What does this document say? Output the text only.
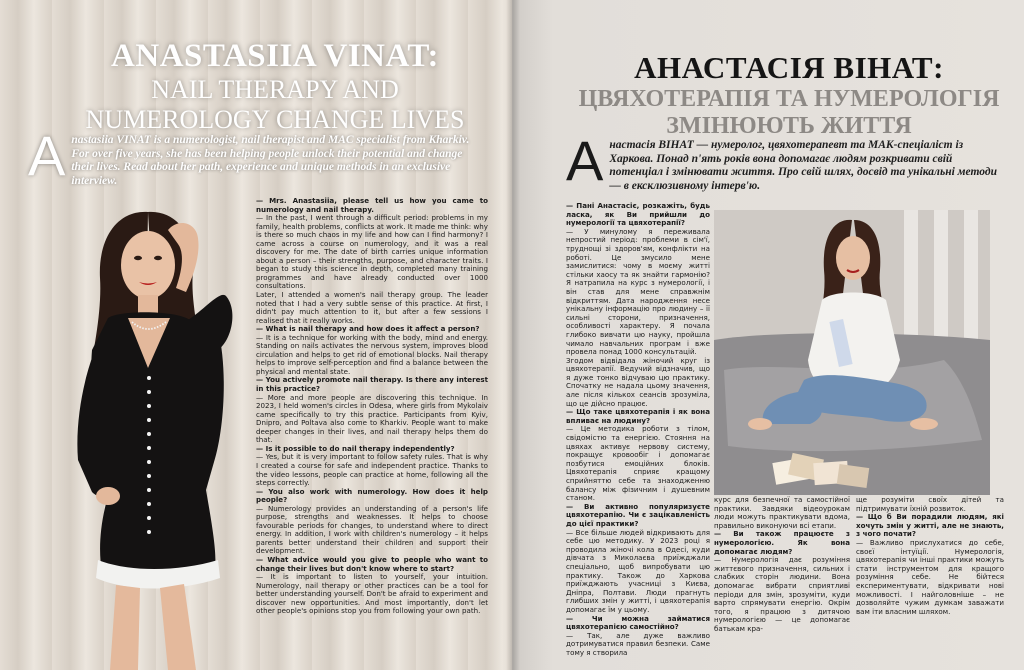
ANASTASIIA VINAT:
NAIL THERAPY AND
NUMEROLOGY CHANGE LIVES
A nastasiia VINAT is a numerologist, nail therapist and MAC specialist from Kharkiv. For over five years, she has been helping people unlock their potential and change their lives. Read about her path, experience and unique methods in an exclusive interview.

— Mrs. Anastasiia, please tell us how you came to numerology and nail therapy.

— In the past, I went through a difficult period: problems in my family, health problems, conflicts at work. It made me think: why is there so much chaos in my life and how can I find harmony? I came across a course on numerology, and it was a real discovery for me. The date of birth carries unique information about a person – their strengths, purpose, and character traits. I began to study this science in depth, completed many training programmes and have already conducted over 1000 consultations.

Later, I attended a women's nail therapy group. The leader noted that I had a very subtle sense of this practice. At first, I didn't pay much attention to it, but after a few sessions I realised that it really works.

— What is nail therapy and how does it affect a person?

— It is a technique for working with the body, mind and energy. Standing on nails activates the nervous system, improves blood circulation and helps to get rid of emotional blocks. Nail therapy helps to improve self-perception and find a balance between the physical and mental state.

— You actively promote nail therapy. Is there any interest in this practice?

— More and more people are discovering this technique. In 2023, I held women's circles in Odesa, where girls from Mykolaiv came specifically to try this practice. Participants from Kyiv, Dnipro, and Poltava also come to Kharkiv. People want to make deeper changes in their lives, and nail therapy helps them do that.

— Is it possible to do nail therapy independently?

— Yes, but it is very important to follow safety rules. That is why I created a course for safe and independent practice. Thanks to the video lessons, people can practice at home, following all the steps correctly.

— You also work with numerology. How does it help people?

— Numerology provides an understanding of a person's life purpose, strengths and weaknesses. It helps to choose favourable periods for changes, to understand where to direct energy. In addition, I work with children's numerology – it helps parents better understand their children and support their development.

— What advice would you give to people who want to change their lives but don't know where to start?

— It is important to listen to yourself, your intuition. Numerology, nail therapy or other practices can be a tool for better understanding yourself. Don't be afraid to experiment and discover new opportunities. And most importantly, don't let other people's opinions stop you from following your own path.

АНАСТАСІЯ ВІНАТ:
ЦВЯХОТЕРАПІЯ ТА НУМЕРОЛОГІЯ
ЗМІНЮЮТЬ ЖИТТЯ
А настасія ВІНАТ — нумеролог, цвяхотерапевт та МАК-спеціаліст із Харкова. Понад п'ять років вона допомагає людям розкривати свій потенціал і змінювати життя. Про свій шлях, досвід та унікальні методи — в ексклюзивному інтерв'ю.

— Пані Анастасіє, розкажіть, будь ласка, як Ви прийшли до нумерології та цвяхотерапії?

— У минулому я переживала непростий період: проблеми в сім'ї, труднощі зі здоров'ям, конфлікти на роботі. Це змусило мене замислитися: чому в моєму житті стільки хаосу та як знайти гармонію? Я натрапила на курс з нумерології, і він став для мене справжнім відкриттям. Дата народження несе унікальну інформацію про людину – її сильні сторони, призначення, особливості характеру. Я почала глибоко вивчати цю науку, пройшла чимало навчальних програм і вже провела понад 1000 консультацій.

Згодом відвідала жіночий круг із цвяхотерапії. Ведучий відзначив, що я дуже тонко відчуваю цю практику. Спочатку не надала цьому значення, але після кількох сеансів зрозуміла, що це дійсно працює.

— Що таке цвяхотерапія і як вона впливає на людину?

— Це методика роботи з тілом, свідомістю та енергією. Стояння на цвяхах активує нервову систему, покращує кровообіг і допомагає позбутися емоційних блоків. Цвяхотерапія сприяє кращому сприйняттю себе та знаходженню балансу між фізичним і душевним станом.

— Ви активно популяризуєте цвяхотерапію. Чи є зацікавленість до цієї практики?

— Все більше людей відкривають для себе цю методику. У 2023 році я проводила жіночі кола в Одесі, куди дівчата з Миколаєва приїжджали спеціально, щоб випробувати цю практику. Також до Харкова приїжджають учасниці з Києва, Дніпра, Полтави. Люди прагнуть глибших змін у житті, і цвяхотерапія допомагає їм у цьому.

— Чи можна займатися цвяхотерапією самостійно?

— Так, але дуже важливо дотримуватися правил безпеки. Саме тому я створила

курс для безпечної та самостійної практики. Завдяки відеоурокам люди можуть практикувати вдома, правильно виконуючи всі етапи.

— Ви також працюєте з нумерологією. Як вона допомагає людям?

— Нумерологія дає розуміння життєвого призначення, сильних і слабких сторін людини. Вона допомагає вибрати сприятливі періоди для змін, зрозуміти, куди варто спрямувати енергію. Окрім того, я працюю з дитячою нумерологією — це допомагає батькам кра-

ще розуміти своїх дітей та підтримувати їхній розвиток.

— Що б Ви порадили людям, які хочуть змін у житті, але не знають, з чого почати?

— Важливо прислухатися до себе, своєї інтуїції. Нумерологія, цвяхотерапія чи інші практики можуть стати інструментом для кращого розуміння себе. Не бійтеся експериментувати, відкривати нові можливості. І найголовніше – не дозволяйте чужим думкам заважати вам іти власним шляхом.
